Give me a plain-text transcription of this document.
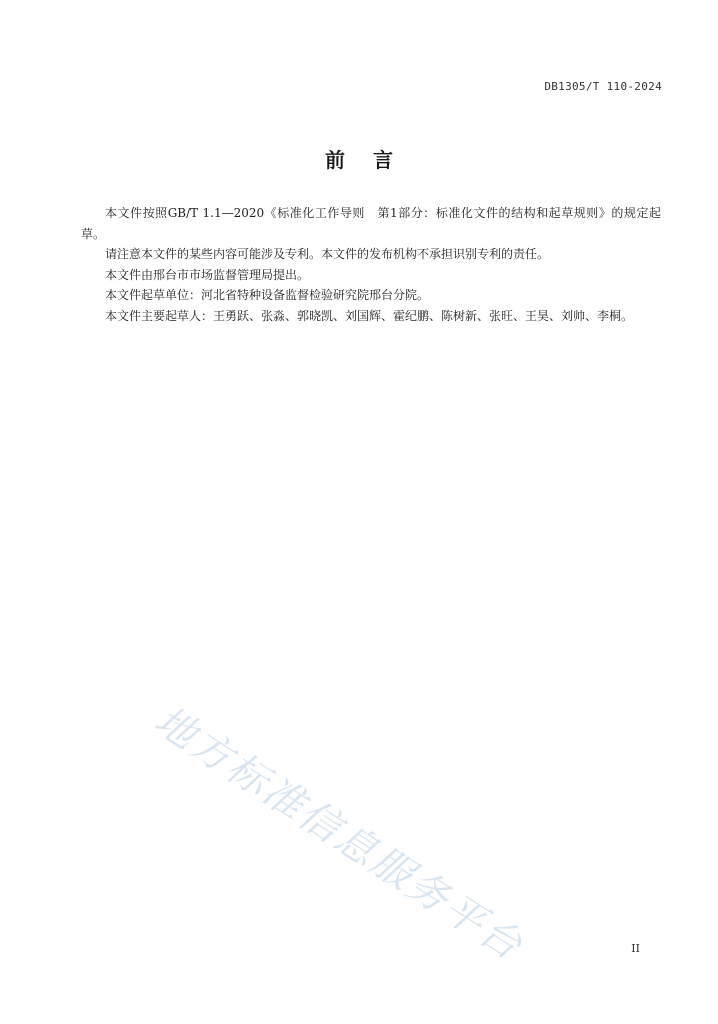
DB1305/T 110-2024
前言

本文件按照GB/T 1.1—2020《标准化工作导则　第1部分：标准化文件的结构和起草规则》的规定起草。

请注意本文件的某些内容可能涉及专利。本文件的发布机构不承担识别专利的责任。

本文件由邢台市市场监督管理局提出。

本文件起草单位：河北省特种设备监督检验研究院邢台分院。

本文件主要起草人：王勇跃、张淼、郭晓凯、刘国辉、霍纪鹏、陈树新、张旺、王昊、刘帅、李桐。

地方标准信息服务平台	II
